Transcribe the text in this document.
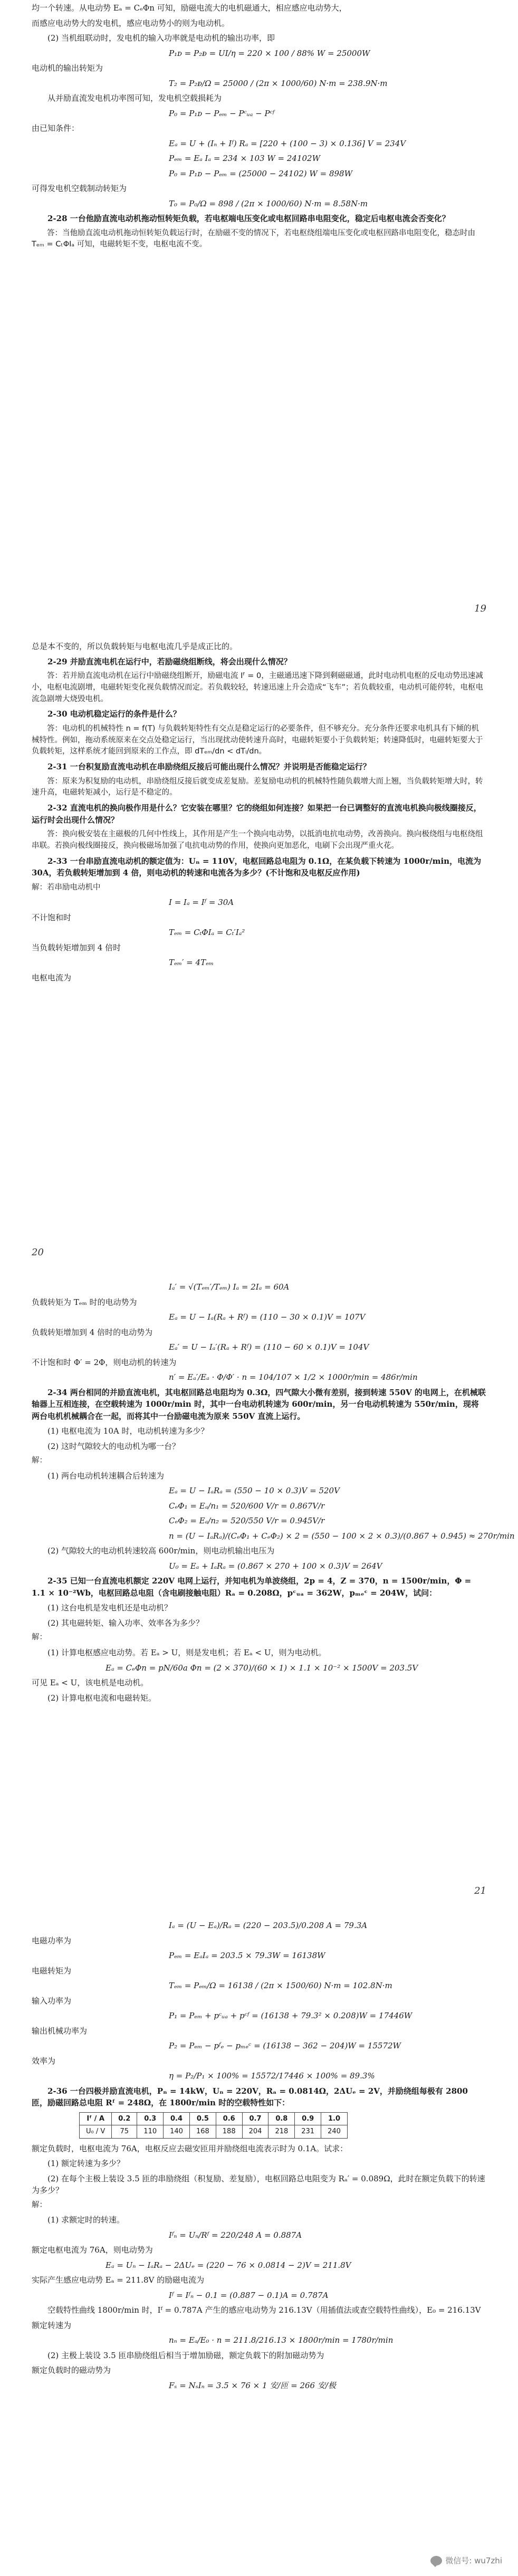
均一个转速。从电动势 Eₐ = CₑΦn 可知，励磁电流大的电机磁通大，相应感应电动势大，

而感应电动势大的发电机，感应电动势小的则为电动机。

(2) 当机组联动时，发电机的输入功率就是电动机的输出功率，即

P₁ᴅ = P₂ᴆ = UI/η = 220 × 100 / 88% W = 25000W

电动机的输出转矩为

T₂ = P₂ᴆ/Ω = 25000 / (2π × 1000/60) N·m = 238.9N·m

从并励直流发电机功率图可知，发电机空载损耗为

P₀ = P₁ᴅ − Pₑₘ − Pᶜᵤₐ − Pᶜᶠ

由已知条件：

Eₐ = U + (Iₙ + Iᶠ) Rₐ = [220 + (100 − 3) × 0.136] V = 234V
Pₑₘ = Eₐ Iₐ = 234 × 103 W = 24102W
P₀ = P₁ᴅ − Pₑₘ = (25000 − 24102) W = 898W

可得发电机空载制动转矩为

T₀ = P₀/Ω = 898 / (2π × 1000/60) N·m = 8.58N·m

2-28 一台他励直流电动机拖动恒转矩负载，若电枢端电压变化或电枢回路串电阻变化，稳定后电枢电流会否变化？

答：当他励直流电动机拖动恒转矩负载运行时，在励磁不变的情况下，若电枢绕组端电压变化或电枢回路串电阻变化，稳态时由 Tₑₘ = CₜΦIₐ 可知，电磁转矩不变，电枢电流不变。

19

总是本不变的，所以负载转矩与电枢电流几乎是成正比的。

2-29 并励直流电机在运行中，若励磁绕组断线，将会出现什么情况？

答：若并励直流电动机在运行中励磁绕组断开，励磁电流 Iᶠ = 0，主磁通迅速下降到剩磁磁通，此时电动机电枢的反电动势迅速减小，电枢电流剧增，电磁转矩变化视负载情况而定。若负载较轻，转速迅速上升会造成“飞车”；若负载较重，电动机可能停转，电枢电流急剧增大烧毁电机。

2-30 电动机稳定运行的条件是什么？

答：电动机的机械特性 n = f(T) 与负载转矩特性有交点是稳定运行的必要条件，但不够充分。充分条件还要求电机具有下倾的机械特性。例如，拖动系统原来在交点处稳定运行，当出现扰动使转速升高时，电磁转矩要小于负载转矩；转速降低时，电磁转矩要大于负载转矩，这样系统才能回到原来的工作点，即 dTₑₘ/dn < dTₗ/dn。

2-31 一台积复励直流电动机在串励绕组反接后可能出现什么情况？并说明是否能稳定运行？

答：原来为积复励的电动机，串励绕组反接后就变成差复励。差复励电动机的机械特性随负载增大而上翘，当负载转矩增大时，转速升高，电磁转矩减小，运行是不稳定的。

2-32 直流电机的换向极作用是什么？它安装在哪里？它的绕组如何连接？如果把一台已调整好的直流电机换向极线圈接反，运行时会出现什么情况？

答：换向极安装在主磁极的几何中性线上，其作用是产生一个换向电动势，以抵消电抗电动势，改善换向。换向极绕组与电枢绕组串联。若换向极线圈接反，换向极磁场加强了电抗电动势的作用，使换向更加恶化，电刷下会出现严重火花。

2-33 一台串励直流电动机的额定值为：Uₙ = 110V，电枢回路总电阻为 0.1Ω，在某负载下转速为 1000r/min，电流为 30A，若负载转矩增加到 4 倍，则电动机的转速和电流各为多少？(不计饱和及电枢反应作用)

解：若串励电动机中

I = Iₐ = Iᶠ = 30A

不计饱和时

Tₑₘ = CₜΦIₐ = Cₜ′Iₐ²

当负载转矩增加到 4 倍时

Tₑₘ′ = 4Tₑₘ

电枢电流为

20
Iₐ′ = √(Tₑₘ′/Tₑₘ) Iₐ = 2Iₐ = 60A

负载转矩为 Tₑₘ 时的电动势为

Eₐ = U − Iₐ(Rₐ + Rᶠ) = (110 − 30 × 0.1)V = 107V

负载转矩增加到 4 倍时的电动势为

Eₐ′ = U − Iₐ′(Rₐ + Rᶠ) = (110 − 60 × 0.1)V = 104V

不计饱和时 Φ′ = 2Φ，则电动机的转速为

n′ = Eₐ′/Eₐ · Φ/Φ′ · n = 104/107 × 1/2 × 1000r/min = 486r/min

2-34 两台相同的并励直流电机，其电枢回路总电阻均为 0.3Ω，四气隙大小微有差别，接到转速 550V 的电网上，在机械联轴器上互相连接，在空载转速为 1000r/min 时，其中一台电动机转速为 600r/min，另一台电动机转速为 550r/min，现将两台电机机械耦合在一起，而将其中一台励磁电流为原来 550V 直流上运行。

(1) 电枢电流为 10A 时，电动机转速为多少？

(2) 这时气隙较大的电动机为哪一台？

解：

(1) 两台电动机转速耦合后转速为

Eₐ = U − IₐRₐ = (550 − 10 × 0.3)V = 520V
CₑΦ₁ = Eₐ/n₁ = 520/600 V/r = 0.867V/r
CₑΦ₂ = Eₐ/n₂ = 520/550 V/r = 0.945V/r
n = (U − IₐRₐ)/(CₑΦ₁ + CₑΦ₂) × 2 = (550 − 100 × 2 × 0.3)/(0.867 + 0.945) ≈ 270r/min

(2) 气隙较大的电动机转速较高 600r/min，则电动机输出电压为

U₀ = Eₐ + IₐRₐ = (0.867 × 270 + 100 × 0.3)V = 264V

2-35 已知一台直流电机额定 220V 电网上运行，并知电机为单波绕组，2p = 4，Z = 370，n = 1500r/min，Φ = 1.1 × 10⁻²Wb，电枢回路总电阻（含电刷接触电阻）Rₐ = 0.208Ω，pᶜᵤₐ = 362W，pₘₑᶜ = 204W，试问：

(1) 这台电机是发电机还是电动机？

(2) 其电磁转矩、输入功率、效率各为多少？

解：

(1) 计算电枢感应电动势。若 Eₐ > U，则是发电机；若 Eₐ < U，则为电动机。

Eₐ = CₑΦn = pN/60a Φn = (2 × 370)/(60 × 1) × 1.1 × 10⁻² × 1500V = 203.5V

可见 Eₐ < U，该电机是电动机。

(2) 计算电枢电流和电磁转矩。

21
Iₐ = (U − Eₐ)/Rₐ = (220 − 203.5)/0.208 A = 79.3A

电磁功率为

Pₑₘ = EₐIₐ = 203.5 × 79.3W = 16138W

电磁转矩为

Tₑₘ = Pₑₘ/Ω = 16138 / (2π × 1500/60) N·m = 102.8N·m

输入功率为

P₁ = Pₑₘ + pᶜᵤₐ + pᶜᶠ = (16138 + 79.3² × 0.208)W = 17446W

输出机械功率为

P₂ = Pₑₘ − pᶠₑ − pₘₑᶜ = (16138 − 362 − 204)W = 15572W

效率为

η = P₂/P₁ × 100% = 15572/17446 × 100% = 89.3%

2-36 一台四极并励直流电机，Pₙ = 14kW，Uₙ = 220V，Rₐ = 0.0814Ω，2ΔUₑ = 2V，并励绕组每极有 2800 匝，励磁回路总电阻 Rᶠ = 248Ω，在 1800r/min 时的空载特性如下：

Iᶠ / A	0.2	0.3	0.4	0.5	0.6	0.7	0.8	0.9	1.0
U₀ / V	75	110	140	168	188	204	218	231	240

额定负载时，电枢电流为 76A，电枢反应去磁安匝用并励绕组电流表示时为 0.1A。试求：

(1) 额定转速为多少？

(2) 在每个主极上装设 3.5 匝的串励绕组（积复励、差复励），电枢回路总电阻变为 Rₐ′ = 0.089Ω，此时在额定负载下的转速为多少？

解：

(1) 求额定时的转速。

Iᶠₙ = Uₙ/Rᶠ = 220/248 A = 0.887A

额定电枢电流为 76A，则电动势为

Eₐ = Uₙ − IₐRₐ − 2ΔUₑ = (220 − 76 × 0.0814 − 2)V = 211.8V

实际产生感应电动势 Eₐ = 211.8V 的励磁电流为

Iᶠ = Iᶠₙ − 0.1 = (0.887 − 0.1)A = 0.787A

空载特性曲线 1800r/min 时，Iᶠ = 0.787A 产生的感应电动势为 216.13V（用插值法或查空载特性曲线），E₀ = 216.13V

额定转速为

nₙ = Eₐ/E₀ · n = 211.8/216.13 × 1800r/min = 1780r/min

(2) 主极上装设 3.5 匝串励绕组后相当于增加励磁，额定负载下的附加磁动势为

额定负载时的磁动势为

Fₛ = NₛIₙ = 3.5 × 76 × 1 安/匝 = 266 安/极
微信号: wu7zhi
